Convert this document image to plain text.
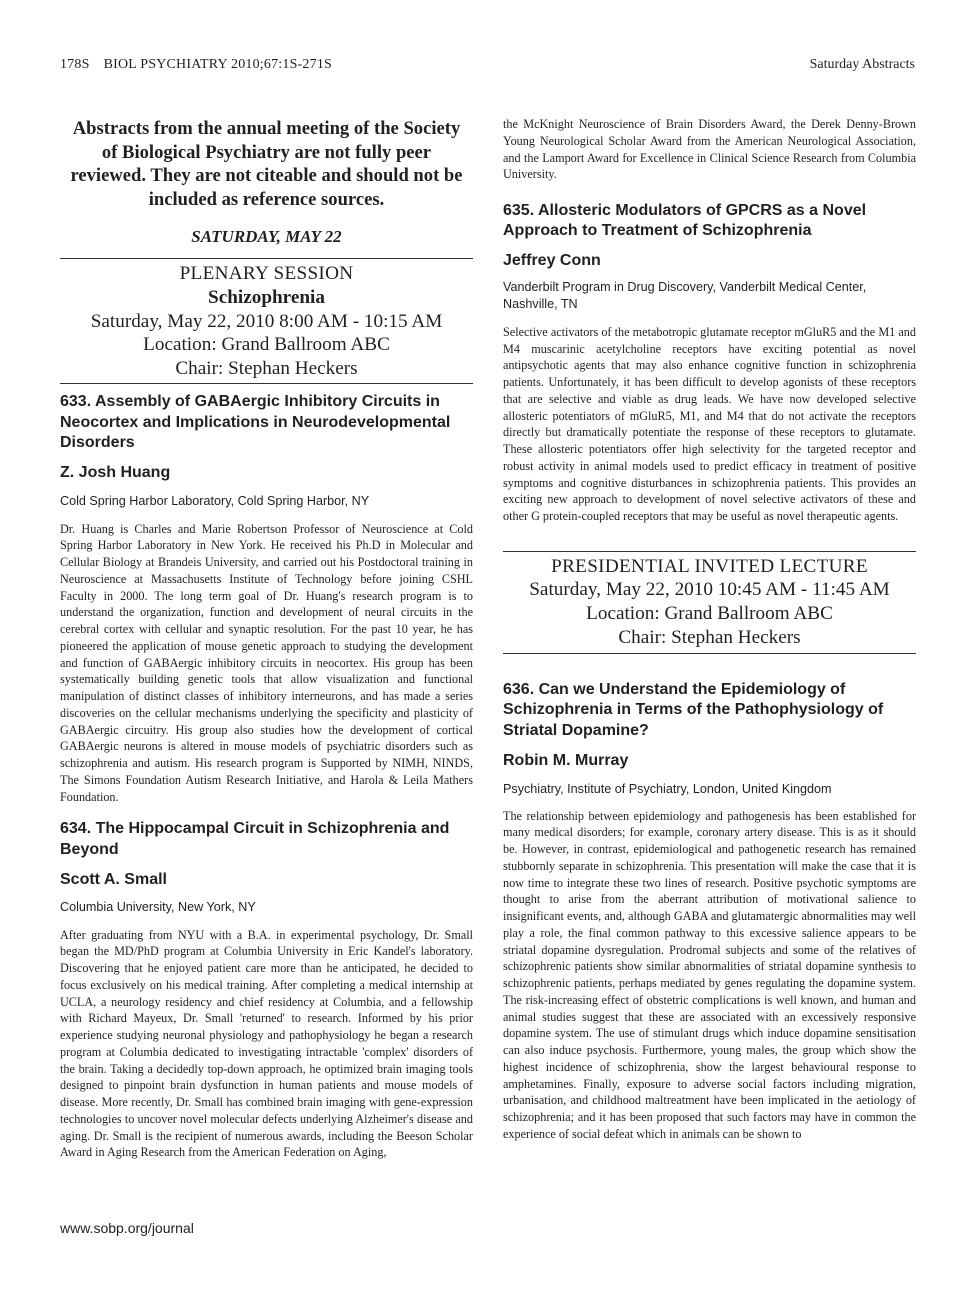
178S BIOL PSYCHIATRY 2010;67:1S-271S	Saturday Abstracts
Abstracts from the annual meeting of the Society of Biological Psychiatry are not fully peer reviewed. They are not citeable and should not be included as reference sources.
SATURDAY, MAY 22
PLENARY SESSION
Schizophrenia
Saturday, May 22, 2010 8:00 AM - 10:15 AM
Location: Grand Ballroom ABC
Chair: Stephan Heckers
633. Assembly of GABAergic Inhibitory Circuits in Neocortex and Implications in Neurodevelopmental Disorders
Z. Josh Huang
Cold Spring Harbor Laboratory, Cold Spring Harbor, NY
Dr. Huang is Charles and Marie Robertson Professor of Neuroscience at Cold Spring Harbor Laboratory in New York. He received his Ph.D in Molecular and Cellular Biology at Brandeis University, and carried out his Postdoctoral training in Neuroscience at Massachusetts Institute of Technology before joining CSHL Faculty in 2000. The long term goal of Dr. Huang's research program is to understand the organization, function and development of neural circuits in the cerebral cortex with cellular and synaptic resolution. For the past 10 year, he has pioneered the application of mouse genetic approach to studying the development and function of GABAergic inhibitory circuits in neocortex. His group has been systematically building genetic tools that allow visualization and functional manipulation of distinct classes of inhibitory interneurons, and has made a series discoveries on the cellular mechanisms underlying the specificity and plasticity of GABAergic circuitry. His group also studies how the development of cortical GABAergic neurons is altered in mouse models of psychiatric disorders such as schizophrenia and autism. His research program is Supported by NIMH, NINDS, The Simons Foundation Autism Research Initiative, and Harola & Leila Mathers Foundation.
634. The Hippocampal Circuit in Schizophrenia and Beyond
Scott A. Small
Columbia University, New York, NY
After graduating from NYU with a B.A. in experimental psychology, Dr. Small began the MD/PhD program at Columbia University in Eric Kandel's laboratory. Discovering that he enjoyed patient care more than he anticipated, he decided to focus exclusively on his medical training. After completing a medical internship at UCLA, a neurology residency and chief residency at Columbia, and a fellowship with Richard Mayeux, Dr. Small 'returned' to research. Informed by his prior experience studying neuronal physiology and pathophysiology he began a research program at Columbia dedicated to investigating intractable 'complex' disorders of the brain. Taking a decidedly top-down approach, he optimized brain imaging tools designed to pinpoint brain dysfunction in human patients and mouse models of disease. More recently, Dr. Small has combined brain imaging with gene-expression technologies to uncover novel molecular defects underlying Alzheimer's disease and aging. Dr. Small is the recipient of numerous awards, including the Beeson Scholar Award in Aging Research from the American Federation on Aging,
the McKnight Neuroscience of Brain Disorders Award, the Derek Denny-Brown Young Neurological Scholar Award from the American Neurological Association, and the Lamport Award for Excellence in Clinical Science Research from Columbia University.
635. Allosteric Modulators of GPCRS as a Novel Approach to Treatment of Schizophrenia
Jeffrey Conn
Vanderbilt Program in Drug Discovery, Vanderbilt Medical Center, Nashville, TN
Selective activators of the metabotropic glutamate receptor mGluR5 and the M1 and M4 muscarinic acetylcholine receptors have exciting potential as novel antipsychotic agents that may also enhance cognitive function in schizophrenia patients. Unfortunately, it has been difficult to develop agonists of these receptors that are selective and viable as drug leads. We have now developed selective allosteric potentiators of mGluR5, M1, and M4 that do not activate the receptors directly but dramatically potentiate the response of these receptors to glutamate. These allosteric potentiators offer high selectivity for the targeted receptor and robust activity in animal models used to predict efficacy in treatment of positive symptoms and cognitive disturbances in schizophrenia patients. This provides an exciting new approach to development of novel selective activators of these and other G protein-coupled receptors that may be useful as novel therapeutic agents.
PRESIDENTIAL INVITED LECTURE
Saturday, May 22, 2010 10:45 AM - 11:45 AM
Location: Grand Ballroom ABC
Chair: Stephan Heckers
636. Can we Understand the Epidemiology of Schizophrenia in Terms of the Pathophysiology of Striatal Dopamine?
Robin M. Murray
Psychiatry, Institute of Psychiatry, London, United Kingdom
The relationship between epidemiology and pathogenesis has been established for many medical disorders; for example, coronary artery disease. This is as it should be. However, in contrast, epidemiological and pathogenetic research has remained stubbornly separate in schizophrenia. This presentation will make the case that it is now time to integrate these two lines of research. Positive psychotic symptoms are thought to arise from the aberrant attribution of motivational salience to insignificant events, and, although GABA and glutamatergic abnormalities may well play a role, the final common pathway to this excessive salience appears to be striatal dopamine dysregulation. Prodromal subjects and some of the relatives of schizophrenic patients show similar abnormalities of striatal dopamine synthesis to schizophrenic patients, perhaps mediated by genes regulating the dopamine system. The risk-increasing effect of obstetric complications is well known, and human and animal studies suggest that these are associated with an excessively responsive dopamine system. The use of stimulant drugs which induce dopamine sensitisation can also induce psychosis. Furthermore, young males, the group which show the highest incidence of schizophrenia, show the largest behavioural response to amphetamines. Finally, exposure to adverse social factors including migration, urbanisation, and childhood maltreatment have been implicated in the aetiology of schizophrenia; and it has been proposed that such factors may have in common the experience of social defeat which in animals can be shown to
www.sobp.org/journal
